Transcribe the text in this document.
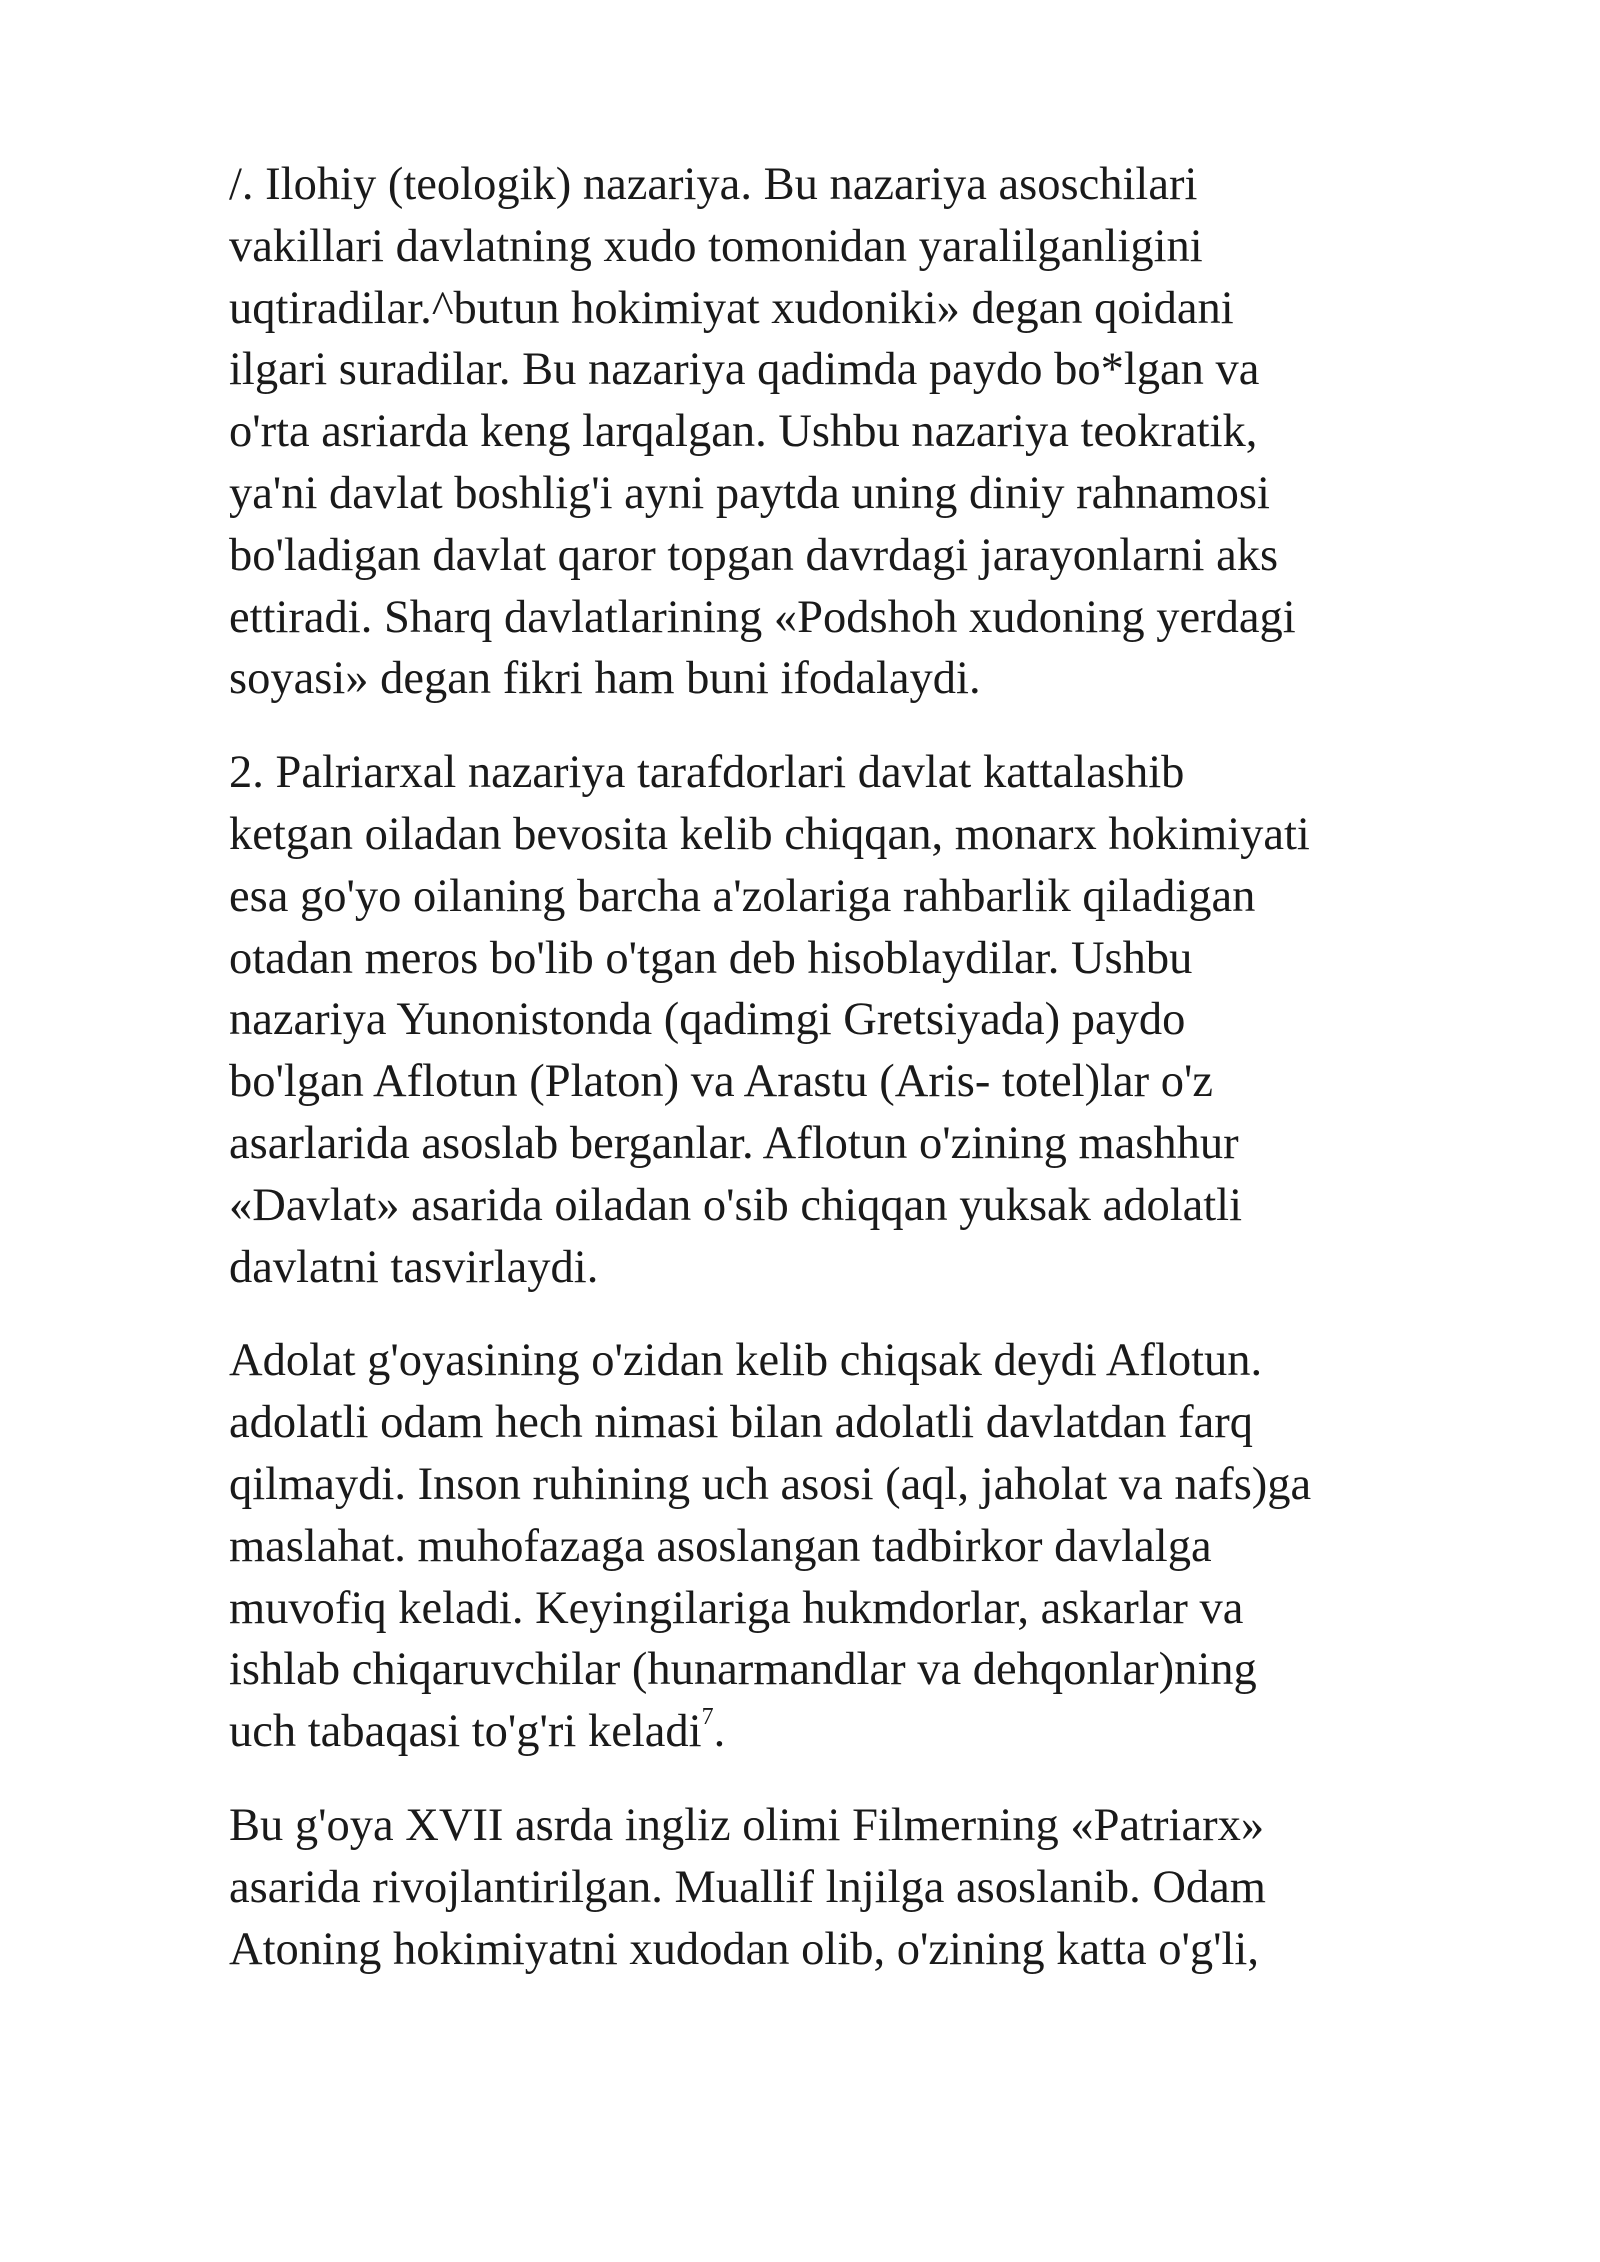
/. Ilohiy (teologik) nazariya. Bu nazariya asoschilari
vakillari davlatning xudo tomonidan yaralilganligini
uqtiradilar.^butun hokimiyat xudoniki» degan qoidani
ilgari suradilar. Bu nazariya qadimda paydo bo*lgan va
o'rta asriarda keng larqalgan. Ushbu nazariya teokratik,
ya'ni davlat boshlig'i ayni paytda uning diniy rahnamosi
bo'ladigan davlat qaror topgan davrdagi jarayonlarni aks
ettiradi. Sharq davlatlarining «Podshoh xudoning yerdagi
soyasi» degan fikri ham buni ifodalaydi.

2. Palriarxal nazariya tarafdorlari davlat kattalashib
ketgan oiladan bevosita kelib chiqqan, monarx hokimiyati
esa go'yo oilaning barcha a'zolariga rahbarlik qiladigan
otadan meros bo'lib o'tgan deb hisoblaydilar. Ushbu
nazariya Yunonistonda (qadimgi Gretsiyada) paydo
bo'lgan Aflotun (Platon) va Arastu (Aris- totel)lar o'z
asarlarida asoslab berganlar. Aflotun o'zining mashhur
«Davlat» asarida oiladan o'sib chiqqan yuksak adolatli
davlatni tasvirlaydi.

Adolat g'oyasining o'zidan kelib chiqsak deydi Aflotun.
adolatli odam hech nimasi bilan adolatli davlatdan farq
qilmaydi. Inson ruhining uch asosi (aql, jaholat va nafs)ga
maslahat. muhofazaga asoslangan tadbirkor davlalga
muvofiq keladi. Keyingilariga hukmdorlar, askarlar va
ishlab chiqaruvchilar (hunarmandlar va dehqonlar)ning
uch tabaqasi to'g'ri keladi$^7$.

Bu g'oya XVII asrda ingliz olimi Filmerning «Patriarx»
asarida rivojlantirilgan. Muallif lnjilga asoslanib. Odam
Atoning hokimiyatni xudodan olib, o'zining katta o'g'li,
